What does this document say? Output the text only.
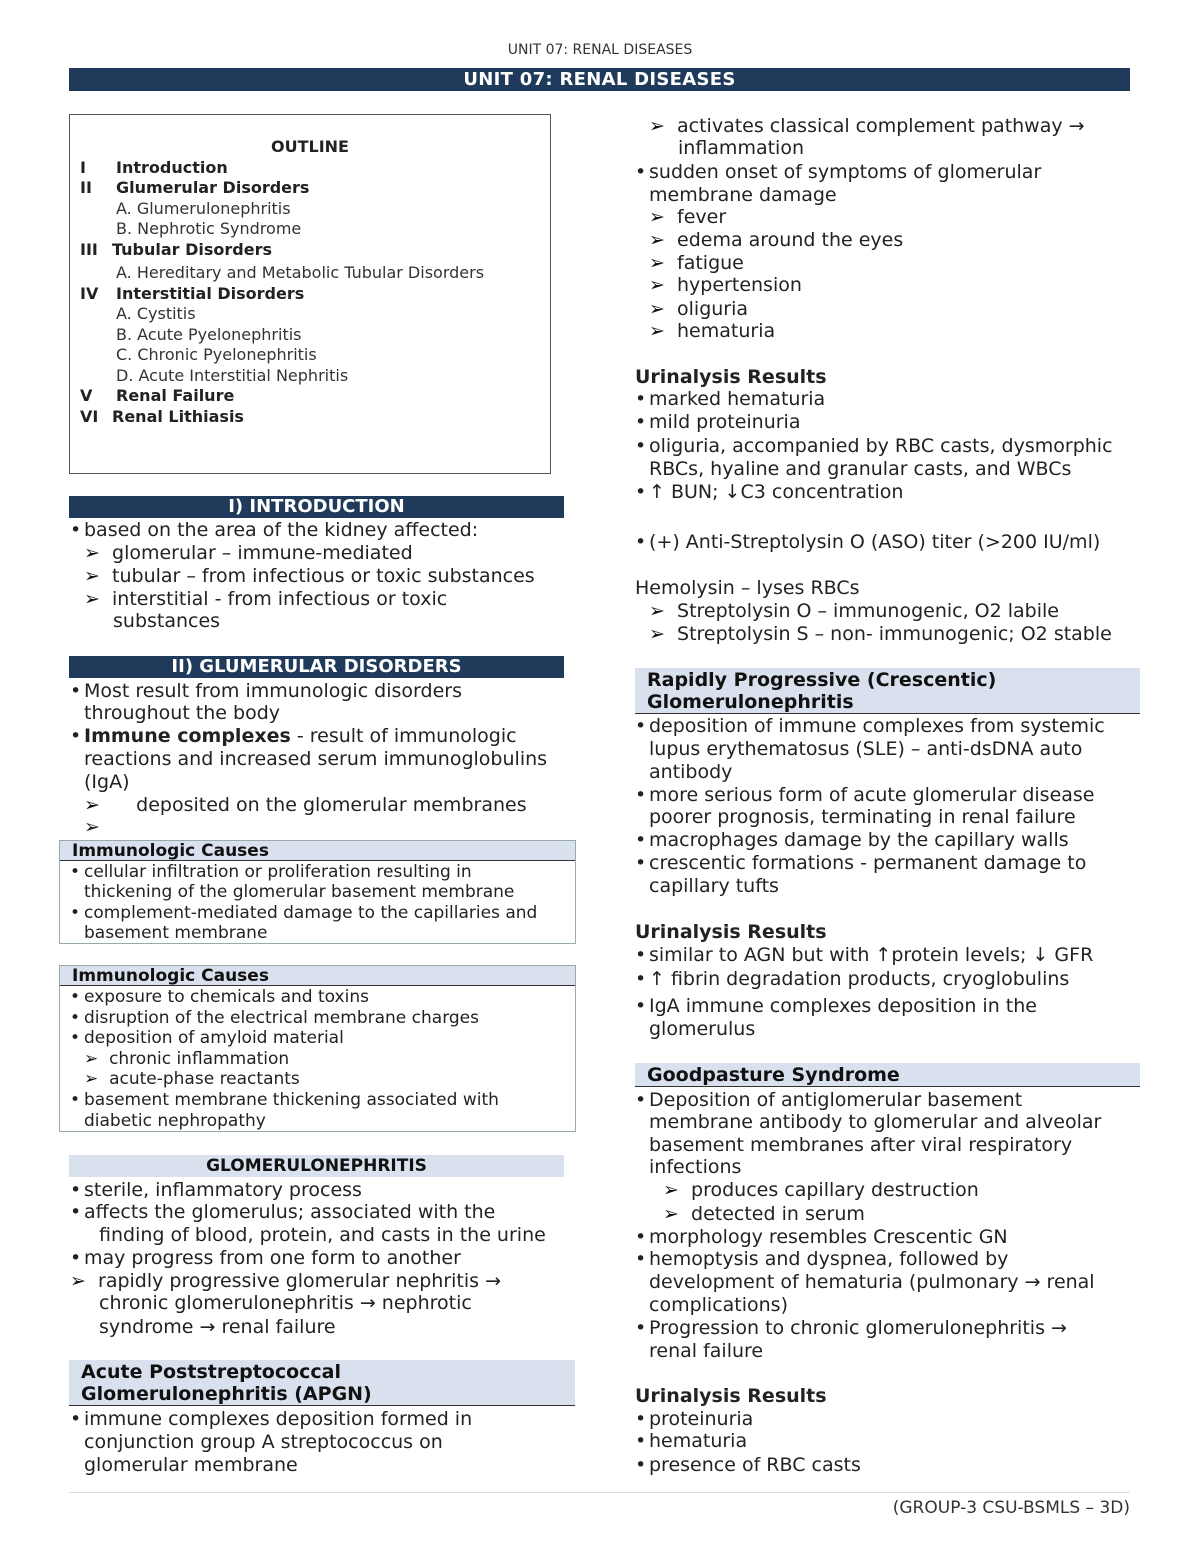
UNIT 07: RENAL DISEASES
UNIT 07: RENAL DISEASES
OUTLINE
I Introduction
II Glumerular Disorders
A. Glumerulonephritis
B. Nephrotic Syndrome
III Tubular Disorders
A. Hereditary and Metabolic Tubular Disorders
IV Interstitial Disorders
A. Cystitis
B. Acute Pyelonephritis
C. Chronic Pyelonephritis
D. Acute Interstitial Nephritis
V Renal Failure
VI Renal Lithiasis
I) INTRODUCTION
• based on the area of the kidney affected:
➢ glomerular – immune-mediated
➢ tubular – from infectious or toxic substances
➢ interstitial - from infectious or toxic
substances
II) GLUMERULAR DISORDERS
• Most result from immunologic disorders
throughout the body
• Immune complexes - result of immunologic
reactions and increased serum immunoglobulins
(IgA)
➢ deposited on the glomerular membranes
➢
Immunologic Causes
• cellular infiltration or proliferation resulting in
thickening of the glomerular basement membrane
• complement-mediated damage to the capillaries and
basement membrane
Immunologic Causes
• exposure to chemicals and toxins
• disruption of the electrical membrane charges
• deposition of amyloid material
➢ chronic inflammation
➢ acute-phase reactants
• basement membrane thickening associated with
diabetic nephropathy
GLOMERULONEPHRITIS
• sterile, inflammatory process
• affects the glomerulus; associated with the
finding of blood, protein, and casts in the urine
• may progress from one form to another
➢ rapidly progressive glomerular nephritis →
chronic glomerulonephritis → nephrotic
syndrome → renal failure
Acute Poststreptococcal
Glomerulonephritis (APGN)
• immune complexes deposition formed in
conjunction group A streptococcus on
glomerular membrane
➢ activates classical complement pathway →
inflammation
• sudden onset of symptoms of glomerular
membrane damage
➢ fever
➢ edema around the eyes
➢ fatigue
➢ hypertension
➢ oliguria
➢ hematuria
Urinalysis Results
• marked hematuria
• mild proteinuria
• oliguria, accompanied by RBC casts, dysmorphic
RBCs, hyaline and granular casts, and WBCs
• ↑ BUN; ↓C3 concentration
• (+) Anti-Streptolysin O (ASO) titer (>200 IU/ml)
Hemolysin – lyses RBCs
➢ Streptolysin O – immunogenic, O2 labile
➢ Streptolysin S – non- immunogenic; O2 stable
Rapidly Progressive (Crescentic)
Glomerulonephritis
• deposition of immune complexes from systemic
lupus erythematosus (SLE) – anti-dsDNA auto
antibody
• more serious form of acute glomerular disease
poorer prognosis, terminating in renal failure
• macrophages damage by the capillary walls
• crescentic formations - permanent damage to
capillary tufts
Urinalysis Results
• similar to AGN but with ↑protein levels; ↓ GFR
• ↑ fibrin degradation products, cryoglobulins
• IgA immune complexes deposition in the
glomerulus
Goodpasture Syndrome
• Deposition of antiglomerular basement
membrane antibody to glomerular and alveolar
basement membranes after viral respiratory
infections
➢ produces capillary destruction
➢ detected in serum
• morphology resembles Crescentic GN
• hemoptysis and dyspnea, followed by
development of hematuria (pulmonary → renal
complications)
• Progression to chronic glomerulonephritis →
renal failure
Urinalysis Results
• proteinuria
• hematuria
• presence of RBC casts
(GROUP-3 CSU-BSMLS – 3D)
